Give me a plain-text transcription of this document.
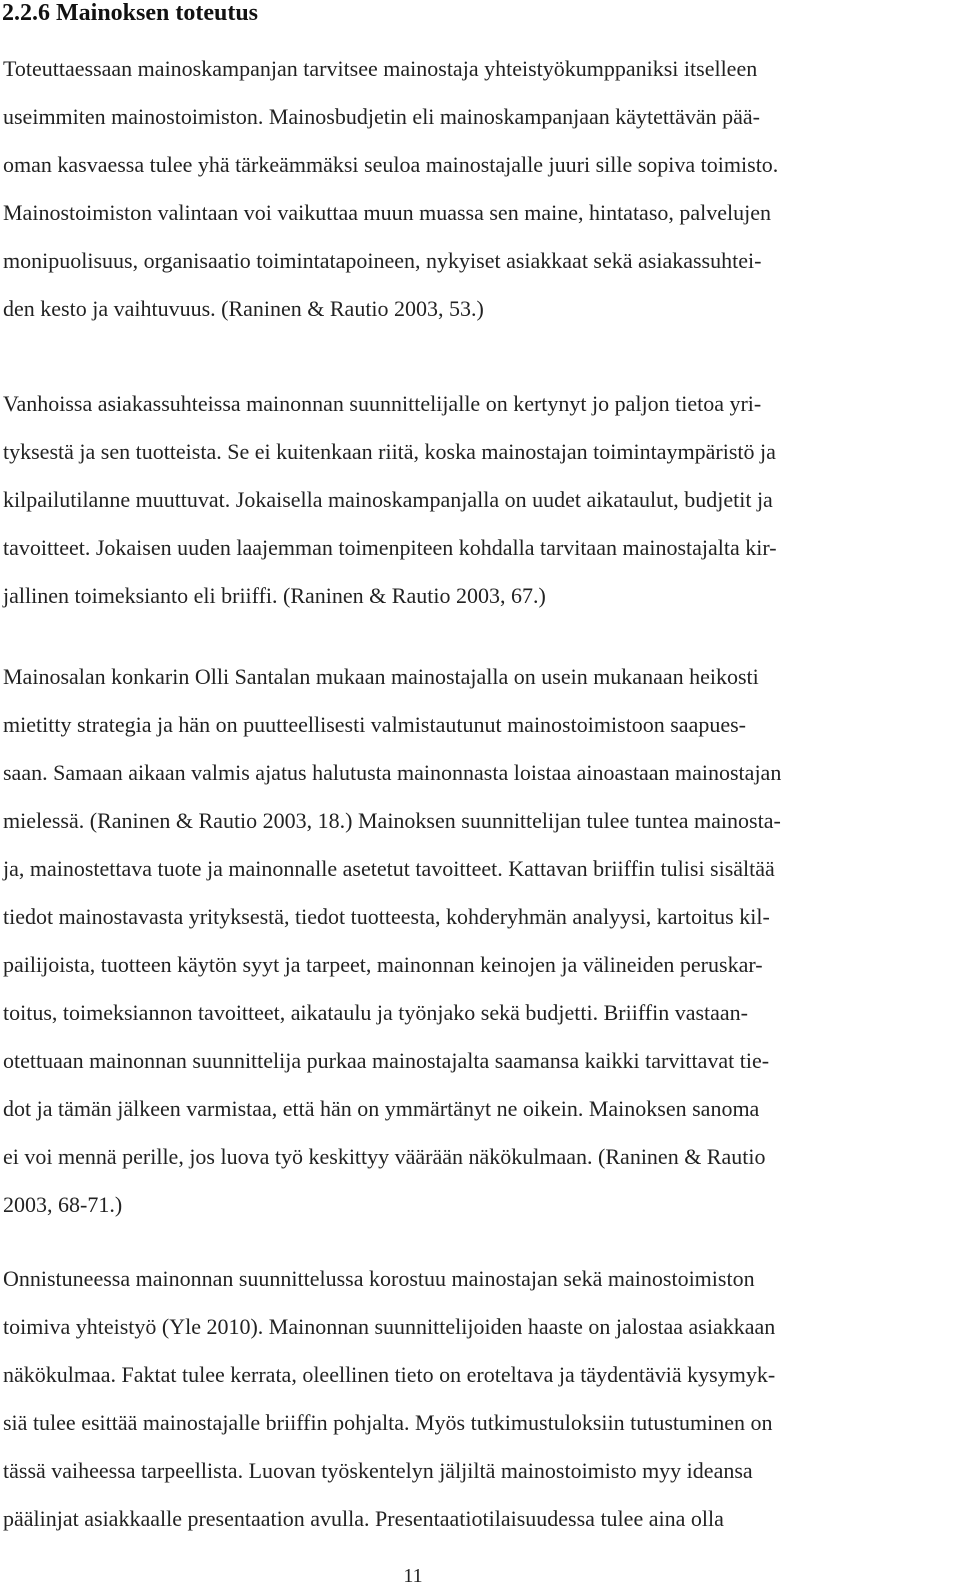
2.2.6 Mainoksen toteutus

Toteuttaessaan mainoskampanjan tarvitsee mainostaja yhteistyökumppaniksi itselleen
useimmiten mainostoimiston. Mainosbudjetin eli mainoskampanjaan käytettävän pää-
oman kasvaessa tulee yhä tärkeämmäksi seuloa mainostajalle juuri sille sopiva toimisto.
Mainostoimiston valintaan voi vaikuttaa muun muassa sen maine, hintataso, palvelujen
monipuolisuus, organisaatio toimintatapoineen, nykyiset asiakkaat sekä asiakassuhtei-
den kesto ja vaihtuvuus. (Raninen & Rautio 2003, 53.)

Vanhoissa asiakassuhteissa mainonnan suunnittelijalle on kertynyt jo paljon tietoa yri-
tyksestä ja sen tuotteista. Se ei kuitenkaan riitä, koska mainostajan toimintaympäristö ja
kilpailutilanne muuttuvat. Jokaisella mainoskampanjalla on uudet aikataulut, budjetit ja
tavoitteet. Jokaisen uuden laajemman toimenpiteen kohdalla tarvitaan mainostajalta kir-
jallinen toimeksianto eli briiffi. (Raninen & Rautio 2003, 67.)

Mainosalan konkarin Olli Santalan mukaan mainostajalla on usein mukanaan heikosti
mietitty strategia ja hän on puutteellisesti valmistautunut mainostoimistoon saapues-
saan. Samaan aikaan valmis ajatus halutusta mainonnasta loistaa ainoastaan mainostajan
mielessä. (Raninen & Rautio 2003, 18.) Mainoksen suunnittelijan tulee tuntea mainosta-
ja, mainostettava tuote ja mainonnalle asetetut tavoitteet. Kattavan briiffin tulisi sisältää
tiedot mainostavasta yrityksestä, tiedot tuotteesta, kohderyhmän analyysi, kartoitus kil-
pailijoista, tuotteen käytön syyt ja tarpeet, mainonnan keinojen ja välineiden peruskar-
toitus, toimeksiannon tavoitteet, aikataulu ja työnjako sekä budjetti. Briiffin vastaan-
otettuaan mainonnan suunnittelija purkaa mainostajalta saamansa kaikki tarvittavat tie-
dot ja tämän jälkeen varmistaa, että hän on ymmärtänyt ne oikein. Mainoksen sanoma
ei voi mennä perille, jos luova työ keskittyy väärään näkökulmaan. (Raninen & Rautio
2003, 68-71.)

Onnistuneessa mainonnan suunnittelussa korostuu mainostajan sekä mainostoimiston
toimiva yhteistyö (Yle 2010). Mainonnan suunnittelijoiden haaste on jalostaa asiakkaan
näkökulmaa. Faktat tulee kerrata, oleellinen tieto on eroteltava ja täydentäviä kysymyk-
siä tulee esittää mainostajalle briiffin pohjalta. Myös tutkimustuloksiin tutustuminen on
tässä vaiheessa tarpeellista. Luovan työskentelyn jäljiltä mainostoimisto myy ideansa
päälinjat asiakkaalle presentaation avulla. Presentaatiotilaisuudessa tulee aina olla

11
